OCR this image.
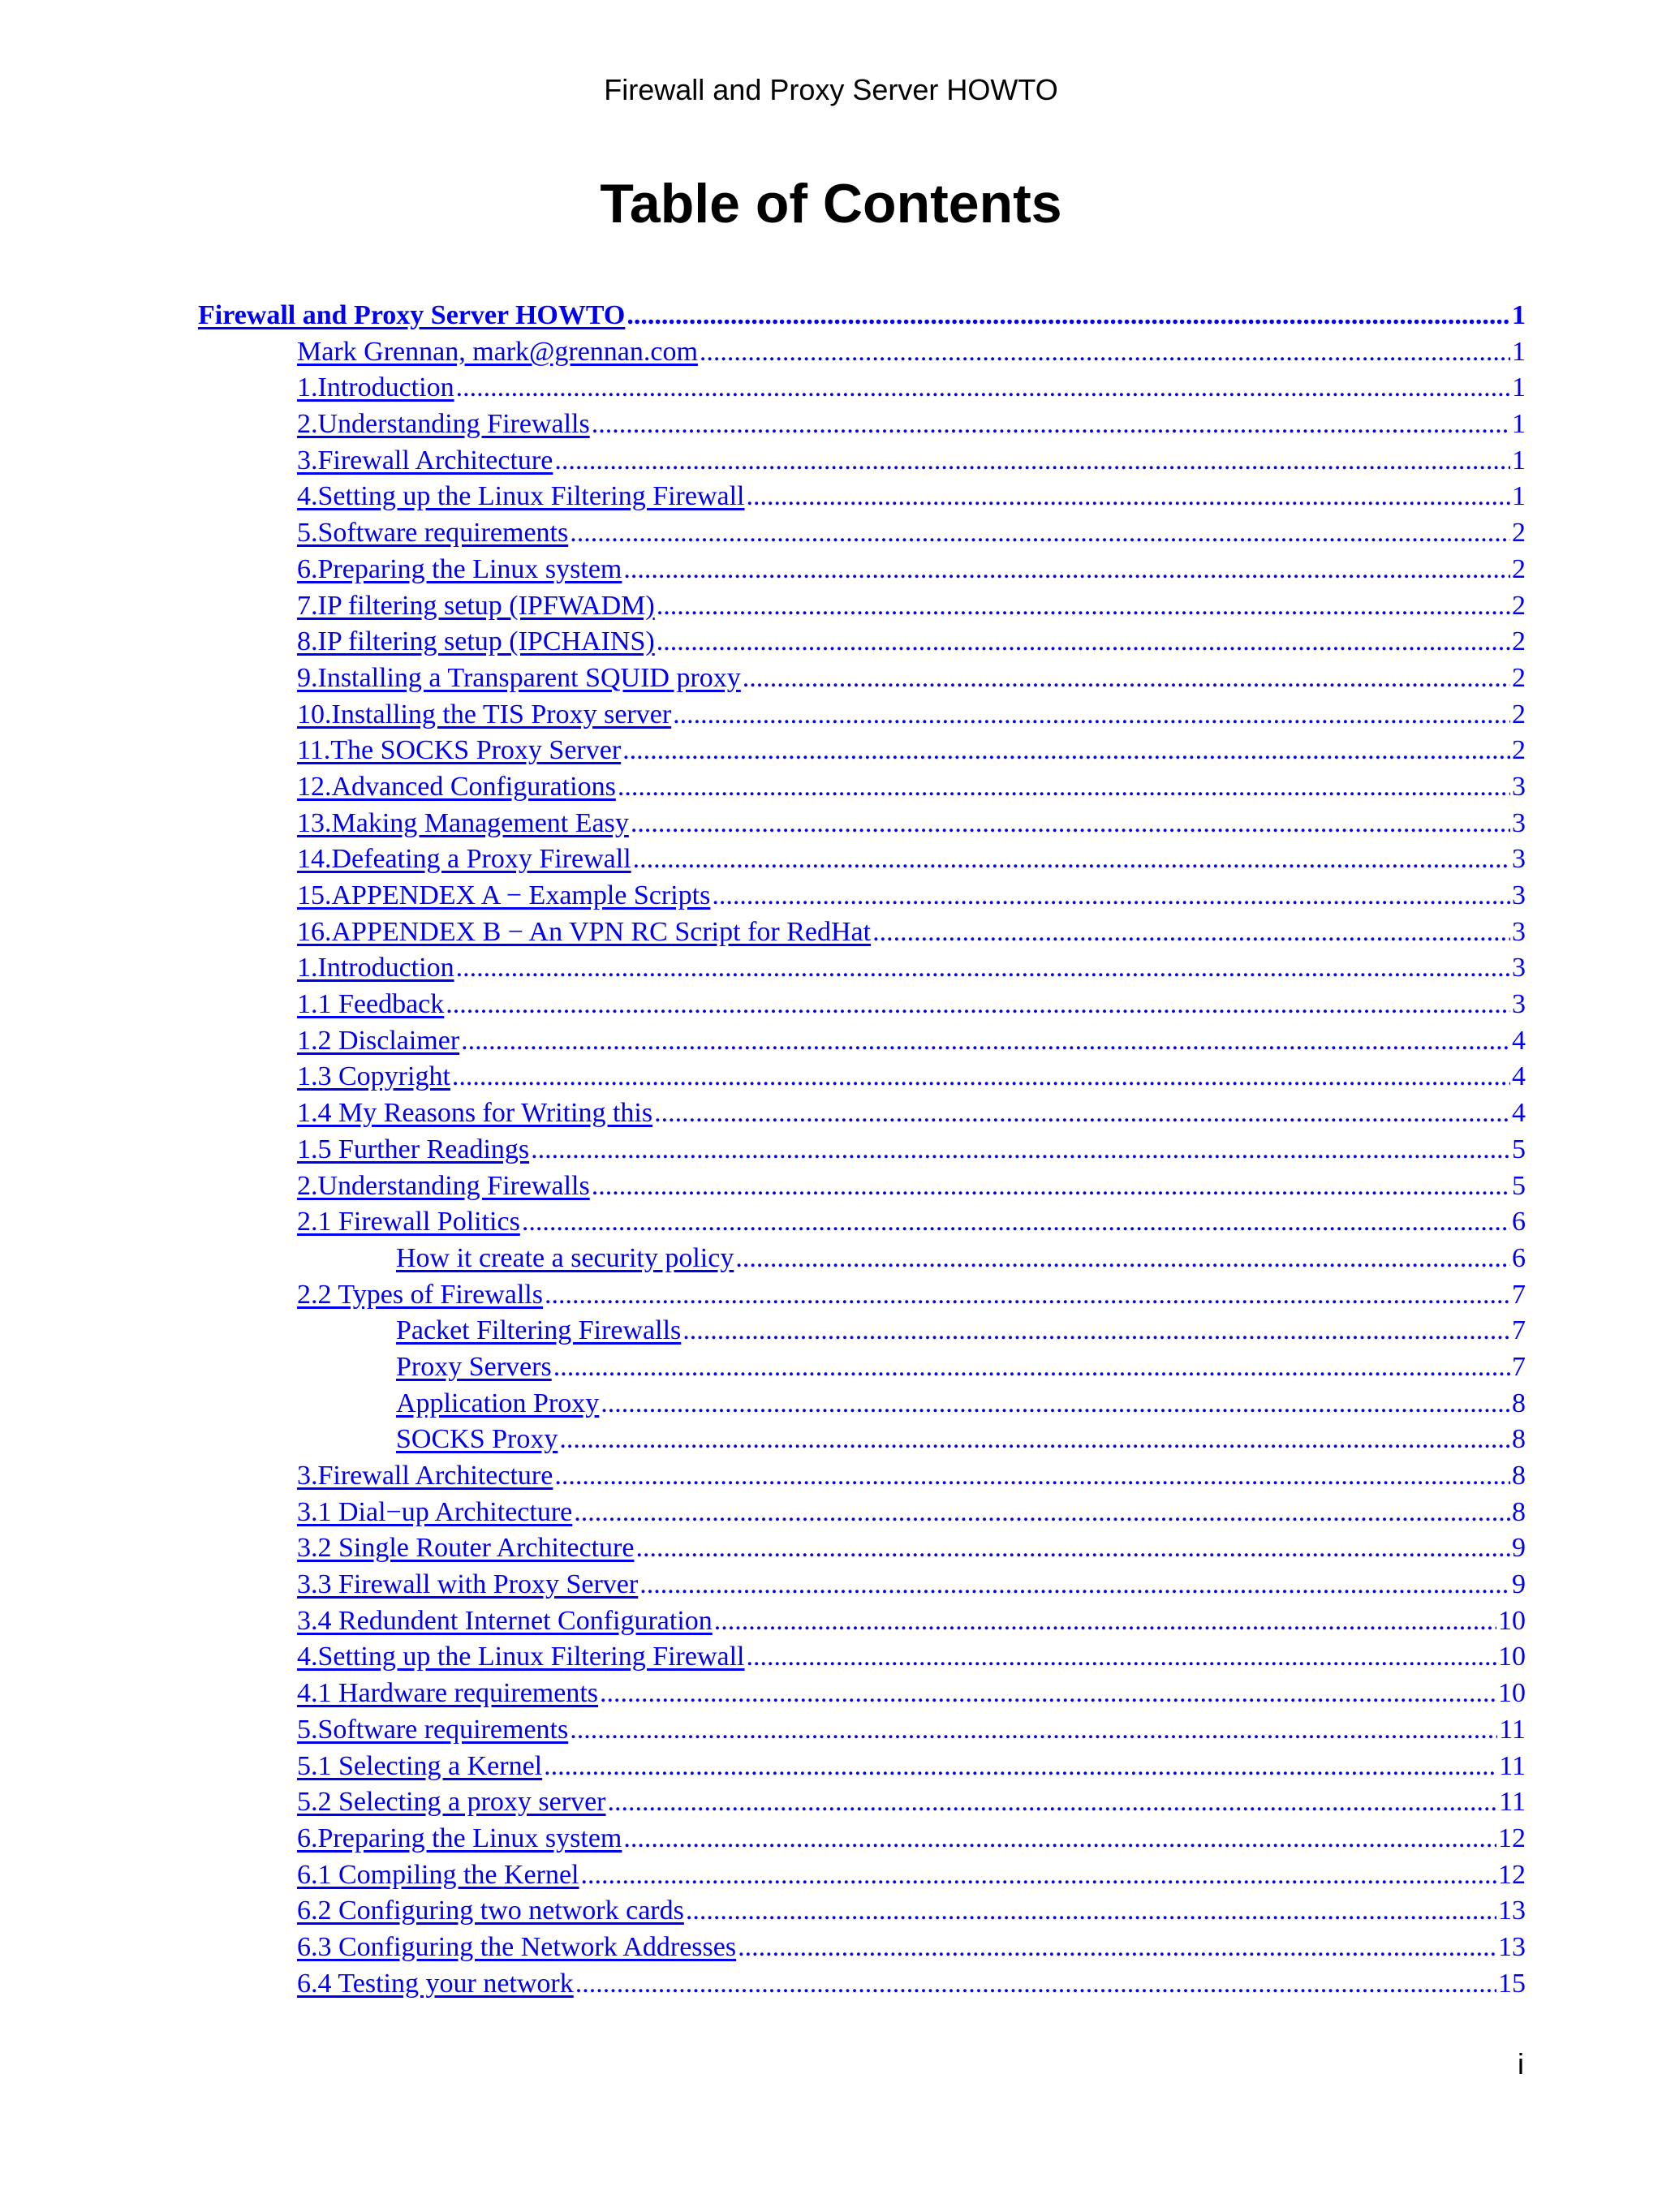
Firewall and Proxy Server HOWTO
Table of Contents
Firewall and Proxy Server HOWTO .....	1
Mark Grennan, mark@grennan.com .....	1
1.Introduction .....	1
2.Understanding Firewalls .....	1
3.Firewall Architecture .....	1
4.Setting up the Linux Filtering Firewall .....	1
5.Software requirements .....	2
6.Preparing the Linux system .....	2
7.IP filtering setup (IPFWADM) .....	2
8.IP filtering setup (IPCHAINS) .....	2
9.Installing a Transparent SQUID proxy .....	2
10.Installing the TIS Proxy server .....	2
11.The SOCKS Proxy Server .....	2
12.Advanced Configurations .....	3
13.Making Management Easy .....	3
14.Defeating a Proxy Firewall .....	3
15.APPENDEX A − Example Scripts .....	3
16.APPENDEX B − An VPN RC Script for RedHat .....	3
1.Introduction .....	3
1.1 Feedback .....	3
1.2 Disclaimer .....	4
1.3 Copyright .....	4
1.4 My Reasons for Writing this .....	4
1.5 Further Readings .....	5
2.Understanding Firewalls .....	5
2.1 Firewall Politics .....	6
How it create a security policy .....	6
2.2 Types of Firewalls .....	7
Packet Filtering Firewalls .....	7
Proxy Servers .....	7
Application Proxy .....	8
SOCKS Proxy .....	8
3.Firewall Architecture .....	8
3.1 Dial−up Architecture .....	8
3.2 Single Router Architecture .....	9
3.3 Firewall with Proxy Server .....	9
3.4 Redundent Internet Configuration .....	10
4.Setting up the Linux Filtering Firewall .....	10
4.1 Hardware requirements .....	10
5.Software requirements .....	11
5.1 Selecting a Kernel .....	11
5.2 Selecting a proxy server .....	11
6.Preparing the Linux system .....	12
6.1 Compiling the Kernel .....	12
6.2 Configuring two network cards .....	13
6.3 Configuring the Network Addresses .....	13
6.4 Testing your network .....	15
i
